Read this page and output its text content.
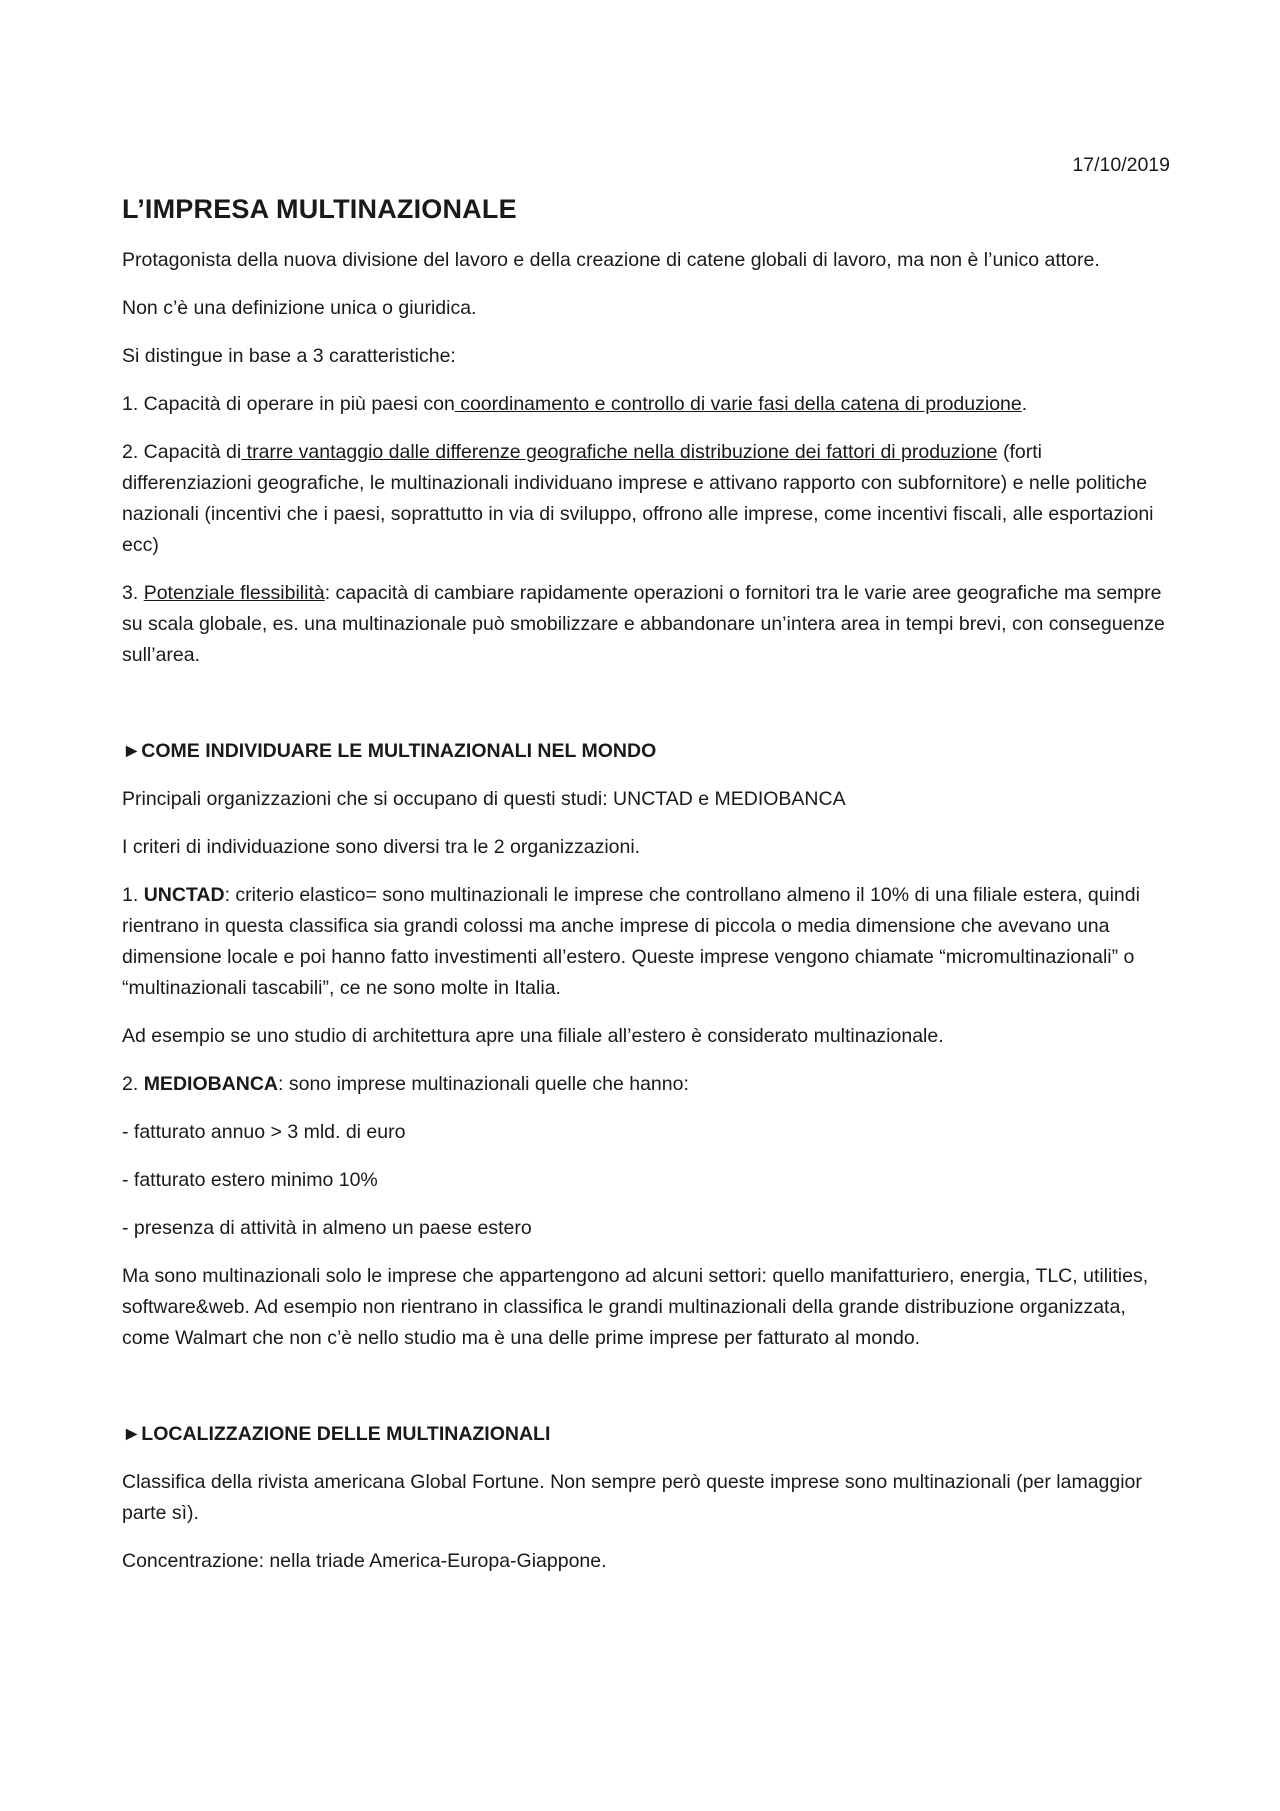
17/10/2019
L’IMPRESA MULTINAZIONALE

Protagonista della nuova divisione del lavoro e della creazione di catene globali di lavoro, ma non è l’unico attore.

Non c’è una definizione unica o giuridica.

Si distingue in base a 3 caratteristiche:

1. Capacità di operare in più paesi con coordinamento e controllo di varie fasi della catena di produzione.

2. Capacità di trarre vantaggio dalle differenze geografiche nella distribuzione dei fattori di produzione (forti differenziazioni geografiche, le multinazionali individuano imprese e attivano rapporto con subfornitore) e nelle politiche nazionali (incentivi che i paesi, soprattutto in via di sviluppo, offrono alle imprese, come incentivi fiscali, alle esportazioni ecc)

3. Potenziale flessibilità: capacità di cambiare rapidamente operazioni o fornitori tra le varie aree geografiche ma sempre su scala globale, es. una multinazionale può smobilizzare e abbandonare un’intera area in tempi brevi, con conseguenze sull’area.

►COME INDIVIDUARE LE MULTINAZIONALI NEL MONDO

Principali organizzazioni che si occupano di questi studi: UNCTAD e MEDIOBANCA

I criteri di individuazione sono diversi tra le 2 organizzazioni.

1. UNCTAD: criterio elastico= sono multinazionali le imprese che controllano almeno il 10% di una filiale estera, quindi rientrano in questa classifica sia grandi colossi ma anche imprese di piccola o media dimensione che avevano una dimensione locale e poi hanno fatto investimenti all’estero. Queste imprese vengono chiamate “micromultinazionali” o “multinazionali tascabili”, ce ne sono molte in Italia.

Ad esempio se uno studio di architettura apre una filiale all’estero è considerato multinazionale.

2. MEDIOBANCA: sono imprese multinazionali quelle che hanno:

- fatturato annuo > 3 mld. di euro

- fatturato estero minimo 10%

- presenza di attività in almeno un paese estero

Ma sono multinazionali solo le imprese che appartengono ad alcuni settori: quello manifatturiero, energia, TLC, utilities, software&web. Ad esempio non rientrano in classifica le grandi multinazionali della grande distribuzione organizzata, come Walmart che non c’è nello studio ma è una delle prime imprese per fatturato al mondo.

►LOCALIZZAZIONE DELLE MULTINAZIONALI

Classifica della rivista americana Global Fortune. Non sempre però queste imprese sono multinazionali (per lamaggior parte sì).

Concentrazione: nella triade America-Europa-Giappone.
